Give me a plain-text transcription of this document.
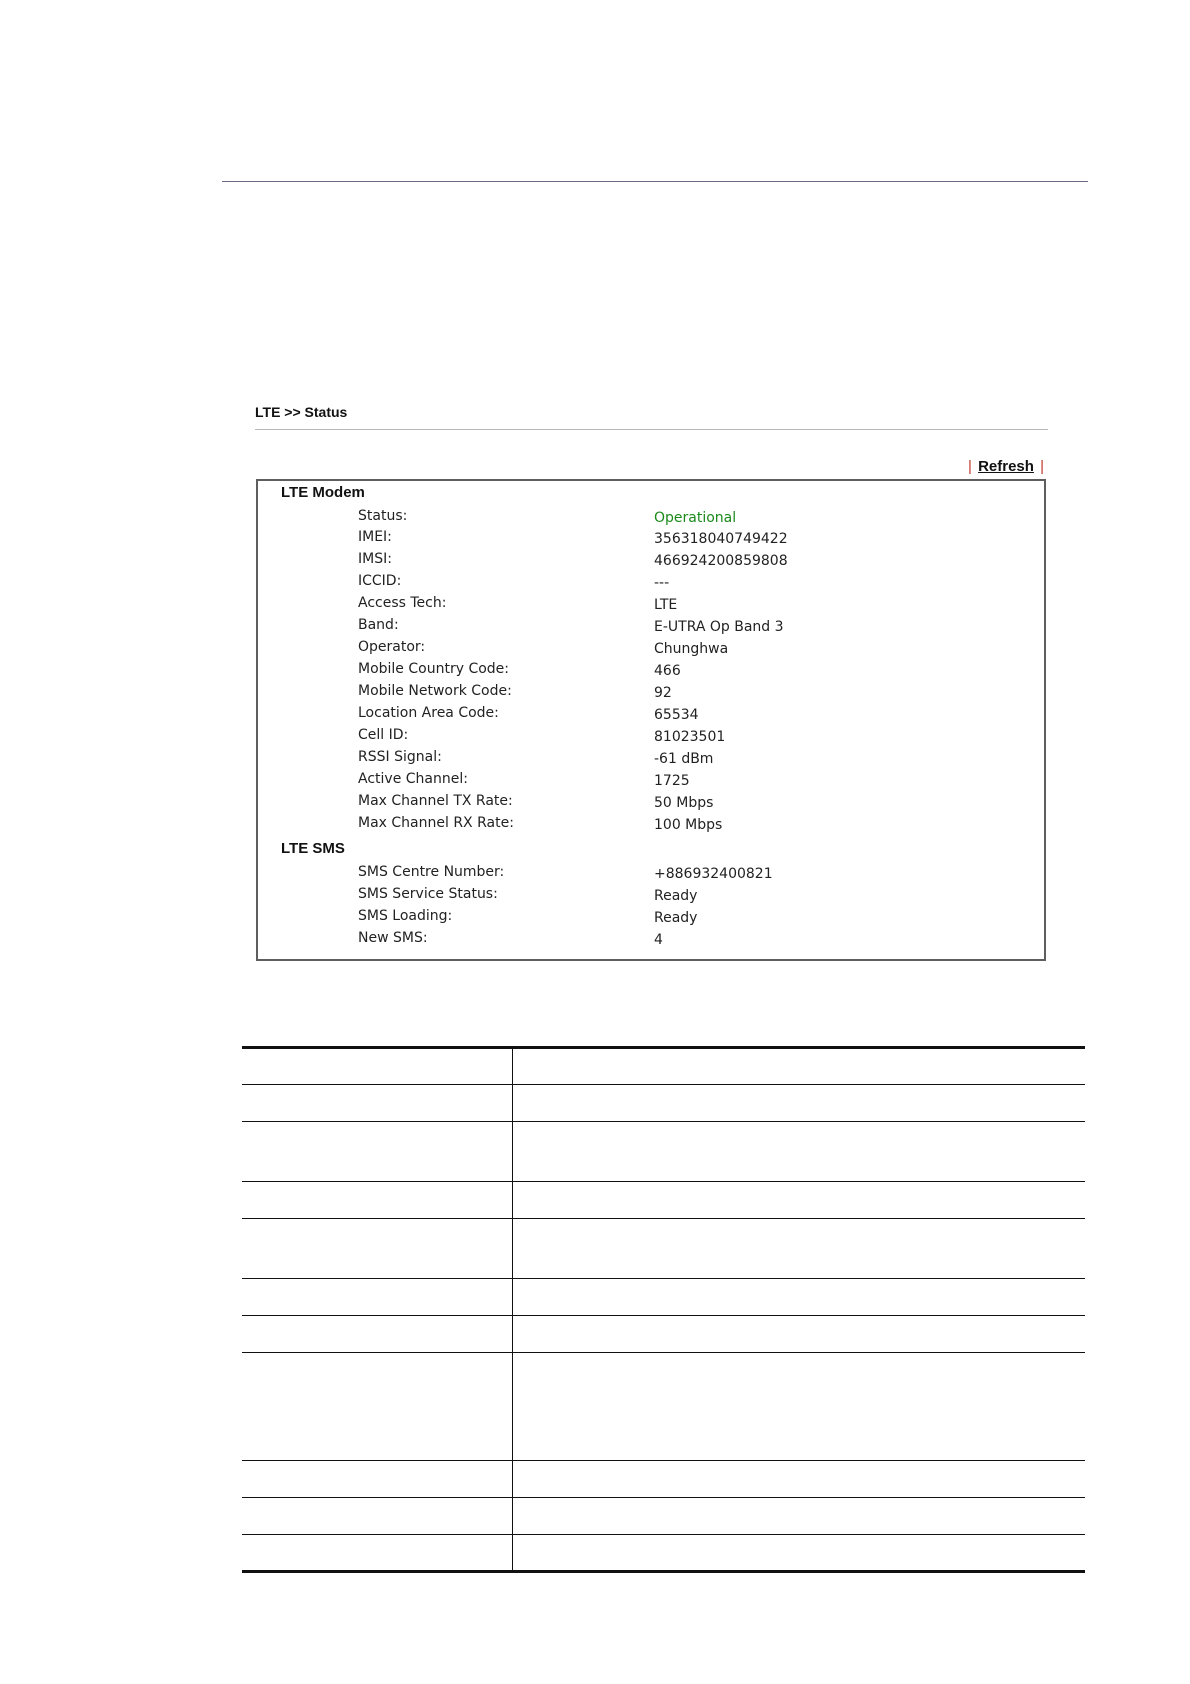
LTE >> Status
| Refresh |
LTE Modem
Status:	Operational
IMEI:	356318040749422
IMSI:	466924200859808
ICCID:	---
Access Tech:	LTE
Band:	E-UTRA Op Band 3
Operator:	Chunghwa
Mobile Country Code:	466
Mobile Network Code:	92
Location Area Code:	65534
Cell ID:	81023501
RSSI Signal:	-61 dBm
Active Channel:	1725
Max Channel TX Rate:	50 Mbps
Max Channel RX Rate:	100 Mbps
LTE SMS
SMS Centre Number:	+886932400821
SMS Service Status:	Ready
SMS Loading:	Ready
New SMS:	4
